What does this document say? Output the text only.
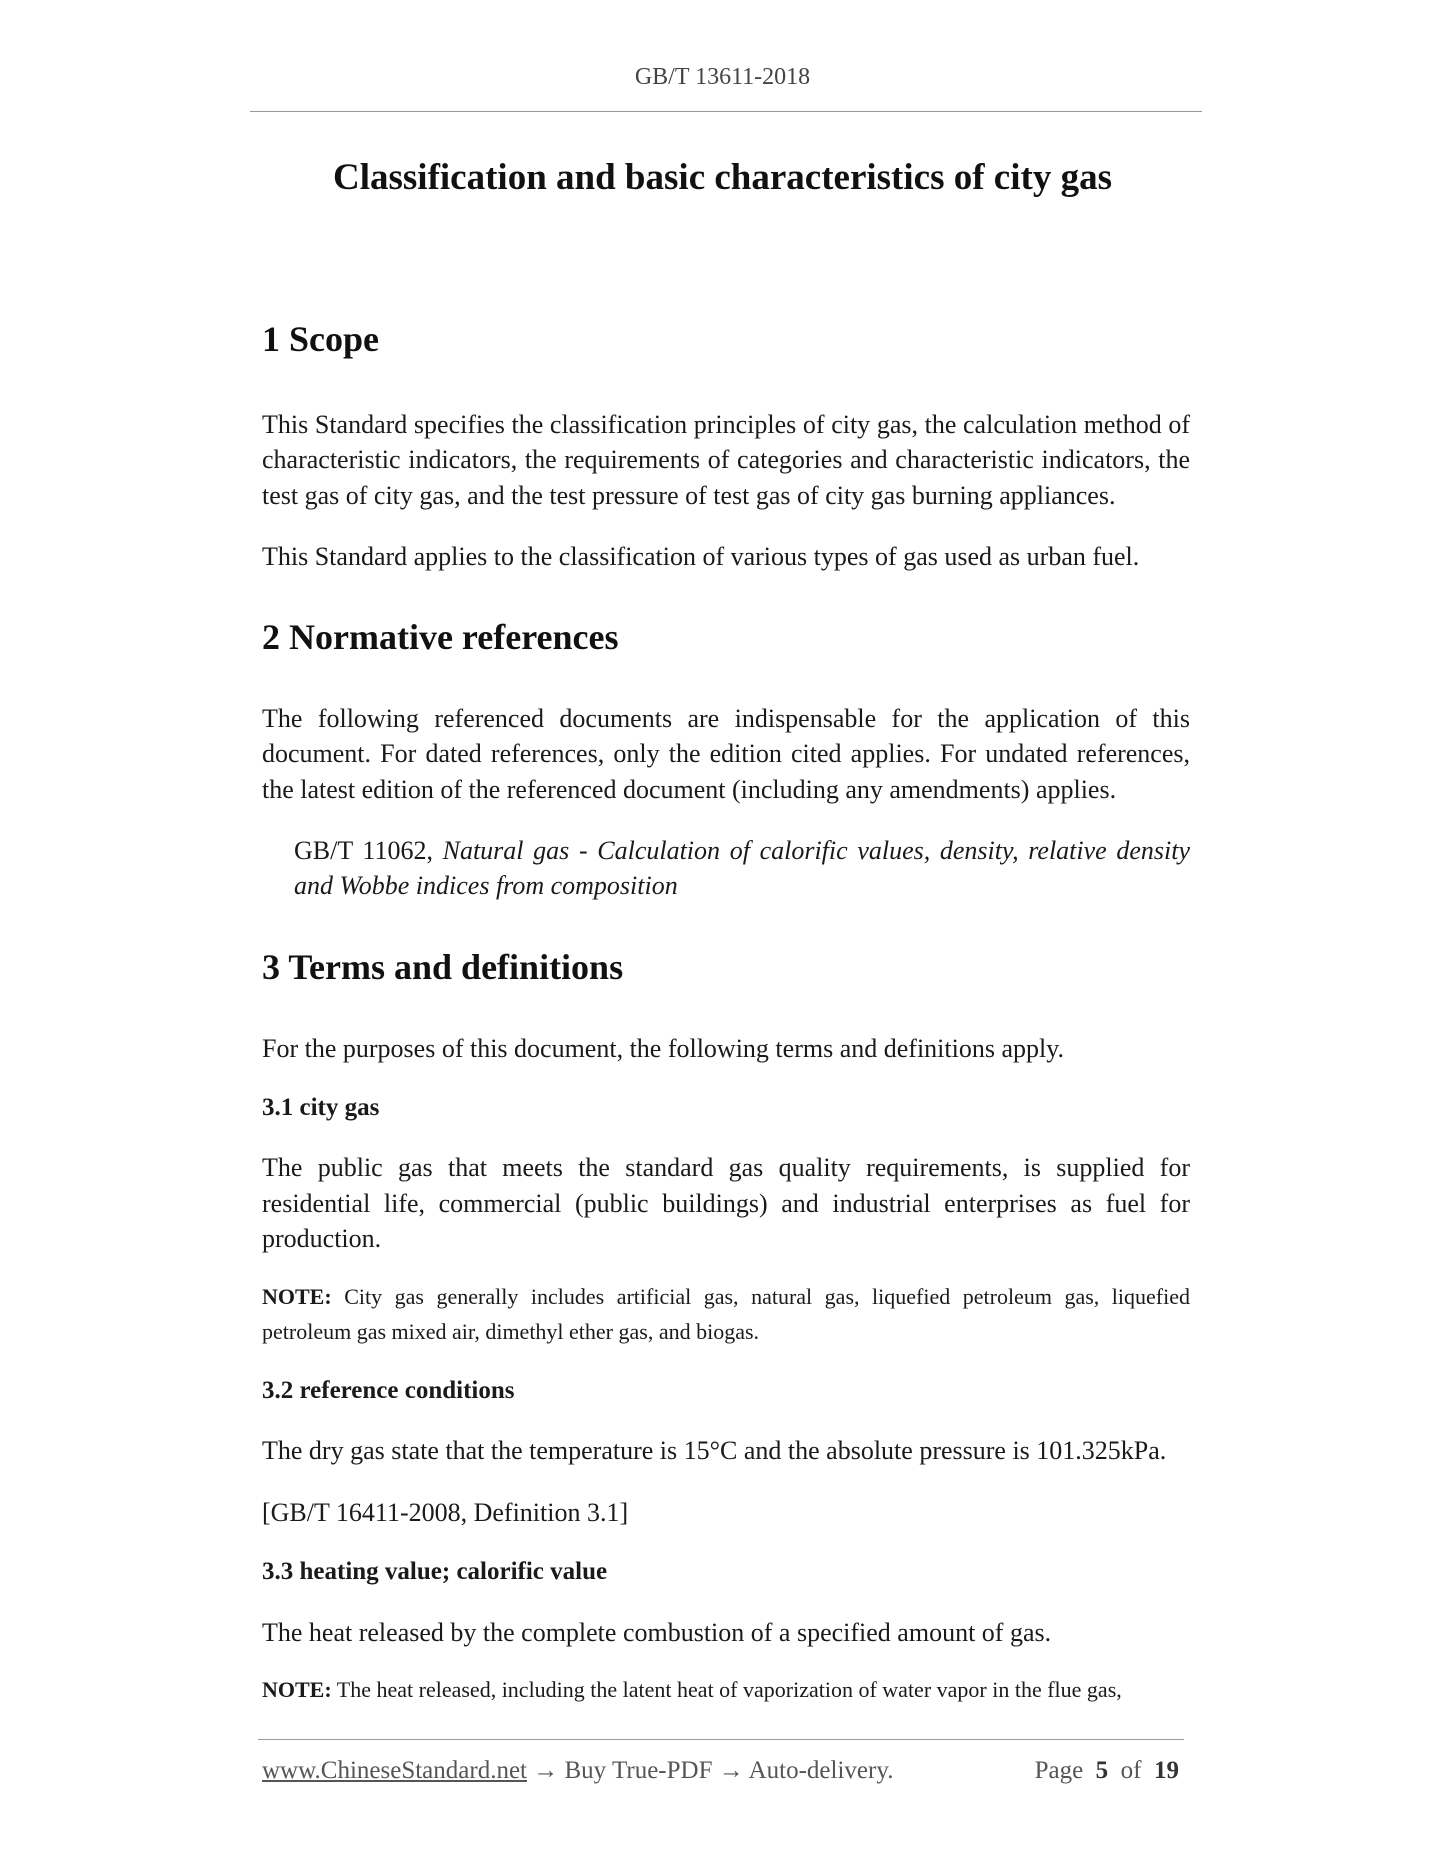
GB/T 13611-2018
Classification and basic characteristics of city gas
1 Scope

This Standard specifies the classification principles of city gas, the calculation method of characteristic indicators, the requirements of categories and characteristic indicators, the test gas of city gas, and the test pressure of test gas of city gas burning appliances.

This Standard applies to the classification of various types of gas used as urban fuel.

2 Normative references

The following referenced documents are indispensable for the application of this document. For dated references, only the edition cited applies. For undated references, the latest edition of the referenced document (including any amendments) applies.

GB/T 11062, Natural gas - Calculation of calorific values, density, relative density and Wobbe indices from composition

3 Terms and definitions

For the purposes of this document, the following terms and definitions apply.

3.1 city gas

The public gas that meets the standard gas quality requirements, is supplied for residential life, commercial (public buildings) and industrial enterprises as fuel for production.

NOTE: City gas generally includes artificial gas, natural gas, liquefied petroleum gas, liquefied petroleum gas mixed air, dimethyl ether gas, and biogas.

3.2 reference conditions

The dry gas state that the temperature is 15°C and the absolute pressure is 101.325kPa.

[GB/T 16411-2008, Definition 3.1]

3.3 heating value; calorific value

The heat released by the complete combustion of a specified amount of gas.

NOTE: The heat released, including the latent heat of vaporization of water vapor in the flue gas,

www.ChineseStandard.net → Buy True-PDF → Auto-delivery.	Page 5 of 19
